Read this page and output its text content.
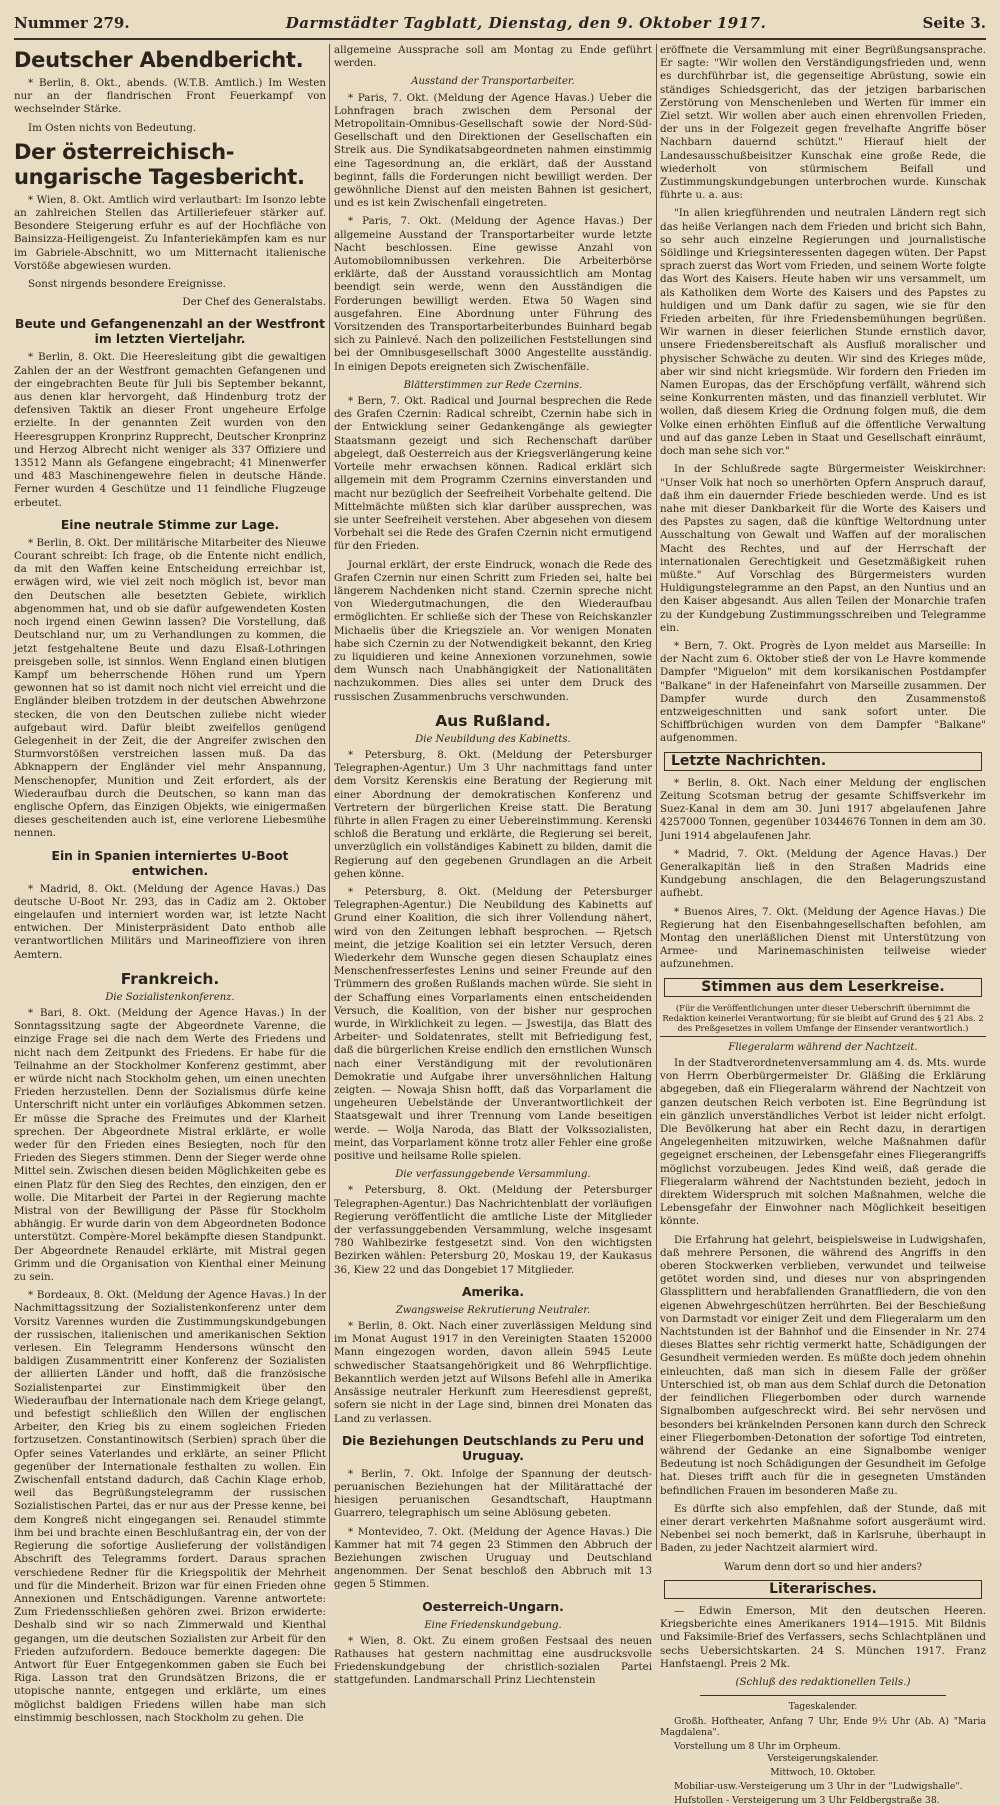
Nummer 279.	Darmstädter Tagblatt, Dienstag, den 9. Oktober 1917.	Seite 3.
Deutscher Abendbericht.

* Berlin, 8. Okt., abends. (W.T.B. Amtlich.) Im Westen nur an der flandrischen Front Feuerkampf von wechselnder Stärke.

Im Osten nichts von Bedeutung.

Der österreichisch-ungarische Tagesbericht.

* Wien, 8. Okt. Amtlich wird verlautbart: Im Isonzo lebte an zahlreichen Stellen das Artilleriefeuer stärker auf. Besondere Steigerung erfuhr es auf der Hochfläche von Bainsizza-Heiligengeist. Zu Infanteriekämpfen kam es nur im Gabriele-Abschnitt, wo um Mitternacht italienische Vorstöße abgewiesen wurden.

Sonst nirgends besondere Ereignisse.

Der Chef des Generalstabs.

Beute und Gefangenenzahl an der Westfront im letzten Vierteljahr.

* Berlin, 8. Okt. Die Heeresleitung gibt die gewaltigen Zahlen der an der Westfront gemachten Gefangenen und der eingebrachten Beute für Juli bis September bekannt, aus denen klar hervorgeht, daß Hindenburg trotz der defensiven Taktik an dieser Front ungeheure Erfolge erzielte. In der genannten Zeit wurden von den Heeresgruppen Kronprinz Rupprecht, Deutscher Kronprinz und Herzog Albrecht nicht weniger als 337 Offiziere und 13512 Mann als Gefangene eingebracht; 41 Minenwerfer und 483 Maschinengewehre fielen in deutsche Hände. Ferner wurden 4 Geschütze und 11 feindliche Flugzeuge erbeutet.

Eine neutrale Stimme zur Lage.

* Berlin, 8. Okt. Der militärische Mitarbeiter des Nieuwe Courant schreibt: Ich frage, ob die Entente nicht endlich, da mit den Waffen keine Entscheidung erreichbar ist, erwägen wird, wie viel zeit noch möglich ist, bevor man den Deutschen alle besetzten Gebiete, wirklich abgenommen hat, und ob sie dafür aufgewendeten Kosten noch irgend einen Gewinn lassen? Die Vorstellung, daß Deutschland nur, um zu Verhandlungen zu kommen, die jetzt festgehaltene Beute und dazu Elsaß-Lothringen preisgeben solle, ist sinnlos. Wenn England einen blutigen Kampf um beherrschende Höhen rund um Ypern gewonnen hat so ist damit noch nicht viel erreicht und die Engländer bleiben trotzdem in der deutschen Abwehrzone stecken, die von den Deutschen zuliebe nicht wieder aufgebaut wird. Dafür bleibt zweifellos genügend Gelegenheit in der Zeit, die der Angreifer zwischen den Sturmvorstößen verstreichen lassen muß. Da das Abknappern der Engländer viel mehr Anspannung, Menschenopfer, Munition und Zeit erfordert, als der Wiederaufbau durch die Deutschen, so kann man das englische Opfern, das Einzigen Objekts, wie einigermaßen dieses gescheitenden auch ist, eine verlorene Liebesmühe nennen.

Ein in Spanien interniertes U-Boot entwichen.

* Madrid, 8. Okt. (Meldung der Agence Havas.) Das deutsche U-Boot Nr. 293, das in Cadiz am 2. Oktober eingelaufen und interniert worden war, ist letzte Nacht entwichen. Der Ministerpräsident Dato enthob alle verantwortlichen Militärs und Marineoffiziere von ihren Aemtern.

Frankreich.
Die Sozialistenkonferenz.

* Bari, 8. Okt. (Meldung der Agence Havas.) In der Sonntagssitzung sagte der Abgeordnete Varenne, die einzige Frage sei die nach dem Werte des Friedens und nicht nach dem Zeitpunkt des Friedens. Er habe für die Teilnahme an der Stockholmer Konferenz gestimmt, aber er würde nicht nach Stockholm gehen, um einen unechten Frieden herzustellen. Denn der Sozialismus dürfe keine Unterschrift nicht unter ein vorläufiges Abkommen setzen. Er müsse die Sprache des Freimutes und der Klarheit sprechen. Der Abgeordnete Mistral erklärte, er wolle weder für den Frieden eines Besiegten, noch für den Frieden des Siegers stimmen. Denn der Sieger werde ohne Mittel sein. Zwischen diesen beiden Möglichkeiten gebe es einen Platz für den Sieg des Rechtes, den einzigen, den er wolle. Die Mitarbeit der Partei in der Regierung machte Mistral von der Bewilligung der Pässe für Stockholm abhängig. Er wurde darin von dem Abgeordneten Bodonce unterstützt. Compère-Morel bekämpfte diesen Standpunkt. Der Abgeordnete Renaudel erklärte, mit Mistral gegen Grimm und die Organisation von Kienthal einer Meinung zu sein.

* Bordeaux, 8. Okt. (Meldung der Agence Havas.) In der Nachmittagssitzung der Sozialistenkonferenz unter dem Vorsitz Varennes wurden die Zustimmungskundgebungen der russischen, italienischen und amerikanischen Sektion verlesen. Ein Telegramm Hendersons wünscht den baldigen Zusammentritt einer Konferenz der Sozialisten der alliierten Länder und hofft, daß die französische Sozialistenpartei zur Einstimmigkeit über den Wiederaufbau der Internationale nach dem Kriege gelangt, und befestigt schließlich den Willen der englischen Arbeiter, den Krieg bis zu einem sogleichen Frieden fortzusetzen. Constantinowitsch (Serbien) sprach über die Opfer seines Vaterlandes und erklärte, an seiner Pflicht gegenüber der Internationale festhalten zu wollen. Ein Zwischenfall entstand dadurch, daß Cachin Klage erhob, weil das Begrüßungstelegramm der russischen Sozialistischen Partei, das er nur aus der Presse kenne, bei dem Kongreß nicht eingegangen sei. Renaudel stimmte ihm bei und brachte einen Beschlußantrag ein, der von der Regierung die sofortige Auslieferung der vollständigen Abschrift des Telegramms fordert. Daraus sprachen verschiedene Redner für die Kriegspolitik der Mehrheit und für die Minderheit. Brizon war für einen Frieden ohne Annexionen und Entschädigungen. Varenne antwortete: Zum Friedensschließen gehören zwei. Brizon erwiderte: Deshalb sind wir so nach Zimmerwald und Kienthal gegangen, um die deutschen Sozialisten zur Arbeit für den Frieden aufzufordern. Bedouce bemerkte dagegen: Die Antwort für Euer Entgegenkommen gaben sie Euch bei Riga. Lasson trat den Grundsätzen Brizons, die er utopische nannte, entgegen und erklärte, um eines möglichst baldigen Friedens willen habe man sich einstimmig beschlossen, nach Stockholm zu gehen. Die

allgemeine Aussprache soll am Montag zu Ende geführt werden.

Ausstand der Transportarbeiter.

* Paris, 7. Okt. (Meldung der Agence Havas.) Ueber die Lohnfragen brach zwischen dem Personal der Metropolitain-Omnibus-Gesellschaft sowie der Nord-Süd-Gesellschaft und den Direktionen der Gesellschaften ein Streik aus. Die Syndikatsabgeordneten nahmen einstimmig eine Tagesordnung an, die erklärt, daß der Ausstand beginnt, falls die Forderungen nicht bewilligt werden. Der gewöhnliche Dienst auf den meisten Bahnen ist gesichert, und es ist kein Zwischenfall eingetreten.

* Paris, 7. Okt. (Meldung der Agence Havas.) Der allgemeine Ausstand der Transportarbeiter wurde letzte Nacht beschlossen. Eine gewisse Anzahl von Automobilomnibussen verkehren. Die Arbeiterbörse erklärte, daß der Ausstand voraussichtlich am Montag beendigt sein werde, wenn den Ausständigen die Forderungen bewilligt werden. Etwa 50 Wagen sind ausgefahren. Eine Abordnung unter Führung des Vorsitzenden des Transportarbeiterbundes Buinhard begab sich zu Painlevé. Nach den polizeilichen Feststellungen sind bei der Omnibusgesellschaft 3000 Angestellte ausständig. In einigen Depots ereigneten sich Zwischenfälle.

Blätterstimmen zur Rede Czernins.

* Bern, 7. Okt. Radical und Journal besprechen die Rede des Grafen Czernin: Radical schreibt, Czernin habe sich in der Entwicklung seiner Gedankengänge als gewiegter Staatsmann gezeigt und sich Rechenschaft darüber abgelegt, daß Oesterreich aus der Kriegsverlängerung keine Vorteile mehr erwachsen können. Radical erklärt sich allgemein mit dem Programm Czernins einverstanden und macht nur bezüglich der Seefreiheit Vorbehalte geltend. Die Mittelmächte müßten sich klar darüber aussprechen, was sie unter Seefreiheit verstehen. Aber abgesehen von diesem Vorbehalt sei die Rede des Grafen Czernin nicht ermutigend für den Frieden.

Journal erklärt, der erste Eindruck, wonach die Rede des Grafen Czernin nur einen Schritt zum Frieden sei, halte bei längerem Nachdenken nicht stand. Czernin spreche nicht von Wiedergutmachungen, die den Wiederaufbau ermöglichten. Er schließe sich der These von Reichskanzler Michaelis über die Kriegsziele an. Vor wenigen Monaten habe sich Czernin zu der Notwendigkeit bekannt, den Krieg zu liquidieren und keine Annexionen vorzunehmen, sowie dem Wunsch nach Unabhängigkeit der Nationalitäten nachzukommen. Dies alles sei unter dem Druck des russischen Zusammenbruchs verschwunden.

Aus Rußland.
Die Neubildung des Kabinetts.

* Petersburg, 8. Okt. (Meldung der Petersburger Telegraphen-Agentur.) Um 3 Uhr nachmittags fand unter dem Vorsitz Kerenskis eine Beratung der Regierung mit einer Abordnung der demokratischen Konferenz und Vertretern der bürgerlichen Kreise statt. Die Beratung führte in allen Fragen zu einer Uebereinstimmung. Kerenski schloß die Beratung und erklärte, die Regierung sei bereit, unverzüglich ein vollständiges Kabinett zu bilden, damit die Regierung auf den gegebenen Grundlagen an die Arbeit gehen könne.

* Petersburg, 8. Okt. (Meldung der Petersburger Telegraphen-Agentur.) Die Neubildung des Kabinetts auf Grund einer Koalition, die sich ihrer Vollendung nähert, wird von den Zeitungen lebhaft besprochen. — Rjetsch meint, die jetzige Koalition sei ein letzter Versuch, deren Wiederkehr dem Wunsche gegen diesen Schauplatz eines Menschenfresserfestes Lenins und seiner Freunde auf den Trümmern des großen Rußlands machen würde. Sie sieht in der Schaffung eines Vorparlaments einen entscheidenden Versuch, die Koalition, von der bisher nur gesprochen wurde, in Wirklichkeit zu legen. — Jswestija, das Blatt des Arbeiter- und Soldatenrates, stellt mit Befriedigung fest, daß die bürgerlichen Kreise endlich den ernstlichen Wunsch nach einer Verständigung mit der revolutionären Demokratie und Aufgabe ihrer unversöhnlichen Haltung zeigten. — Nowaja Shisn hofft, daß das Vorparlament die ungeheuren Uebelstände der Unverantwortlichkeit der Staatsgewalt und ihrer Trennung vom Lande beseitigen werde. — Wolja Naroda, das Blatt der Volkssozialisten, meint, das Vorparlament könne trotz aller Fehler eine große positive und heilsame Rolle spielen.

Die verfassunggebende Versammlung.

* Petersburg, 8. Okt. (Meldung der Petersburger Telegraphen-Agentur.) Das Nachrichtenblatt der vorläufigen Regierung veröffentlicht die amtliche Liste der Mitglieder der verfassunggebenden Versammlung, welche insgesamt 780 Wahlbezirke festgesetzt sind. Von den wichtigsten Bezirken wählen: Petersburg 20, Moskau 19, der Kaukasus 36, Kiew 22 und das Dongebiet 17 Mitglieder.

Amerika.
Zwangsweise Rekrutierung Neutraler.

* Berlin, 8. Okt. Nach einer zuverlässigen Meldung sind im Monat August 1917 in den Vereinigten Staaten 152000 Mann eingezogen worden, davon allein 5945 Leute schwedischer Staatsangehörigkeit und 86 Wehrpflichtige. Bekanntlich werden jetzt auf Wilsons Befehl alle in Amerika Ansässige neutraler Herkunft zum Heeresdienst gepreßt, sofern sie nicht in der Lage sind, binnen drei Monaten das Land zu verlassen.

Die Beziehungen Deutschlands zu Peru und Uruguay.

* Berlin, 7. Okt. Infolge der Spannung der deutsch-peruanischen Beziehungen hat der Militärattaché der hiesigen peruanischen Gesandtschaft, Hauptmann Guarrero, telegraphisch um seine Ablösung gebeten.

* Montevideo, 7. Okt. (Meldung der Agence Havas.) Die Kammer hat mit 74 gegen 23 Stimmen den Abbruch der Beziehungen zwischen Uruguay und Deutschland angenommen. Der Senat beschloß den Abbruch mit 13 gegen 5 Stimmen.

Oesterreich-Ungarn.
Eine Friedenskundgebung.

* Wien, 8. Okt. Zu einem großen Festsaal des neuen Rathauses hat gestern nachmittag eine ausdrucksvolle Friedenskundgebung der christlich-sozialen Partei stattgefunden. Landmarschall Prinz Liechtenstein

eröffnete die Versammlung mit einer Begrüßungsansprache. Er sagte: "Wir wollen den Verständigungsfrieden und, wenn es durchführbar ist, die gegenseitige Abrüstung, sowie ein ständiges Schiedsgericht, das der jetzigen barbarischen Zerstörung von Menschenleben und Werten für immer ein Ziel setzt. Wir wollen aber auch einen ehrenvollen Frieden, der uns in der Folgezeit gegen frevelhafte Angriffe böser Nachbarn dauernd schützt." Hierauf hielt der Landesausschußbeisitzer Kunschak eine große Rede, die wiederholt von stürmischem Beifall und Zustimmungskundgebungen unterbrochen wurde. Kunschak führte u. a. aus:

"In allen kriegführenden und neutralen Ländern regt sich das heiße Verlangen nach dem Frieden und bricht sich Bahn, so sehr auch einzelne Regierungen und journalistische Söldlinge und Kriegsinteressenten dagegen wüten. Der Papst sprach zuerst das Wort vom Frieden, und seinem Worte folgte das Wort des Kaisers. Heute haben wir uns versammelt, um als Katholiken dem Worte des Kaisers und des Papstes zu huldigen und um Dank dafür zu sagen, wie sie für den Frieden arbeiten, für ihre Friedensbemühungen begrüßen. Wir warnen in dieser feierlichen Stunde ernstlich davor, unsere Friedensbereitschaft als Ausfluß moralischer und physischer Schwäche zu deuten. Wir sind des Krieges müde, aber wir sind nicht kriegsmüde. Wir fordern den Frieden im Namen Europas, das der Erschöpfung verfällt, während sich seine Konkurrenten mästen, und das finanziell verblutet. Wir wollen, daß diesem Krieg die Ordnung folgen muß, die dem Volke einen erhöhten Einfluß auf die öffentliche Verwaltung und auf das ganze Leben in Staat und Gesellschaft einräumt, doch man sehe sich vor."

In der Schlußrede sagte Bürgermeister Weiskirchner: "Unser Volk hat noch so unerhörten Opfern Anspruch darauf, daß ihm ein dauernder Friede beschieden werde. Und es ist nahe mit dieser Dankbarkeit für die Worte des Kaisers und des Papstes zu sagen, daß die künftige Weltordnung unter Ausschaltung von Gewalt und Waffen auf der moralischen Macht des Rechtes, und auf der Herrschaft der internationalen Gerechtigkeit und Gesetzmäßigkeit ruhen müßte." Auf Vorschlag des Bürgermeisters wurden Huldigungstelegramme an den Papst, an den Nuntius und an den Kaiser abgesandt. Aus allen Teilen der Monarchie trafen zu der Kundgebung Zustimmungsschreiben und Telegramme ein.

* Bern, 7. Okt. Progrès de Lyon meldet aus Marseille: In der Nacht zum 6. Oktober stieß der von Le Havre kommende Dampfer "Miguelon" mit dem korsikanischen Postdampfer "Balkane" in der Hafeneinfahrt von Marseille zusammen. Der Dampfer wurde durch den Zusammenstoß entzweigeschnitten und sank sofort unter. Die Schiffbrüchigen wurden von dem Dampfer "Balkane" aufgenommen.

Letzte Nachrichten.

* Berlin, 8. Okt. Nach einer Meldung der englischen Zeitung Scotsman betrug der gesamte Schiffsverkehr im Suez-Kanal in dem am 30. Juni 1917 abgelaufenen Jahre 4257000 Tonnen, gegenüber 10344676 Tonnen in dem am 30. Juni 1914 abgelaufenen Jahr.

* Madrid, 7. Okt. (Meldung der Agence Havas.) Der Generalkapitän ließ in den Straßen Madrids eine Kundgebung anschlagen, die den Belagerungszustand aufhebt.

* Buenos Aires, 7. Okt. (Meldung der Agence Havas.) Die Regierung hat den Eisenbahngesellschaften befohlen, am Montag den unerläßlichen Dienst mit Unterstützung von Armee- und Marinemaschinisten teilweise wieder aufzunehmen.

Stimmen aus dem Leserkreise.
(Für die Veröffentlichungen unter dieser Ueberschrift übernimmt die Redaktion keinerlei Verantwortung; für sie bleibt auf Grund des § 21 Abs. 2 des Preßgesetzes in vollem Umfange der Einsender verantwortlich.)
Fliegeralarm während der Nachtzeit.

In der Stadtverordnetenversammlung am 4. ds. Mts. wurde von Herrn Oberbürgermeister Dr. Gläßing die Erklärung abgegeben, daß ein Fliegeralarm während der Nachtzeit von ganzen deutschen Reich verboten ist. Eine Begründung ist ein gänzlich unverständliches Verbot ist leider nicht erfolgt. Die Bevölkerung hat aber ein Recht dazu, in derartigen Angelegenheiten mitzuwirken, welche Maßnahmen dafür gegeignet erscheinen, der Lebensgefahr eines Fliegerangriffs möglichst vorzubeugen. Jedes Kind weiß, daß gerade die Fliegeralarm während der Nachtstunden bezieht, jedoch in direktem Widerspruch mit solchen Maßnahmen, welche die Lebensgefahr der Einwohner nach Möglichkeit beseitigen könnte.

Die Erfahrung hat gelehrt, beispielsweise in Ludwigshafen, daß mehrere Personen, die während des Angriffs in den oberen Stockwerken verblieben, verwundet und teilweise getötet worden sind, und dieses nur von abspringenden Glassplittern und herabfallenden Granatfliedern, die von den eigenen Abwehrgeschützen herrührten. Bei der Beschießung von Darmstadt vor einiger Zeit und dem Fliegeralarm um den Nachtstunden ist der Bahnhof und die Einsender in Nr. 274 dieses Blattes sehr richtig vermerkt hatte, Schädigungen der Gesundheit vermieden werden. Es müßte doch jedem ohnehin einleuchten, daß man sich in diesem Falle der größer Unterschied ist, ob man aus dem Schlaf durch die Detonation der feindlichen Fliegerbomben oder durch warnende Signalbomben aufgeschreckt wird. Bei sehr nervösen und besonders bei kränkelnden Personen kann durch den Schreck einer Fliegerbomben-Detonation der sofortige Tod eintreten, während der Gedanke an eine Signalbombe weniger Bedeutung ist noch Schädigungen der Gesundheit im Gefolge hat. Dieses trifft auch für die in gesegneten Umständen befindlichen Frauen im besonderen Maße zu.

Es dürfte sich also empfehlen, daß der Stunde, daß mit einer derart verkehrten Maßnahme sofort ausgeräumt wird. Nebenbei sei noch bemerkt, daß in Karlsruhe, überhaupt in Baden, zu jeder Nachtzeit alarmiert wird.

Warum denn dort so und hier anders?

Literarisches.

— Edwin Emerson, Mit den deutschen Heeren. Kriegsberichte eines Amerikaners 1914—1915. Mit Bildnis und Faksimile-Brief des Verfassers, sechs Schlachtplänen und sechs Uebersichtskarten. 24 S. München 1917. Franz Hanfstaengl. Preis 2 Mk.

(Schluß des redaktionellen Teils.)
Tageskalender.

Großh. Hoftheater, Anfang 7 Uhr, Ende 9½ Uhr (Ab. A) "Maria Magdalena".

Vorstellung um 8 Uhr im Orpheum.

Versteigerungskalender.
Mittwoch, 10. Oktober.

Mobiliar-usw.-Versteigerung um 3 Uhr in der "Ludwigshalle".

Hufstollen - Versteigerung um 3 Uhr Feldbergstraße 38.
